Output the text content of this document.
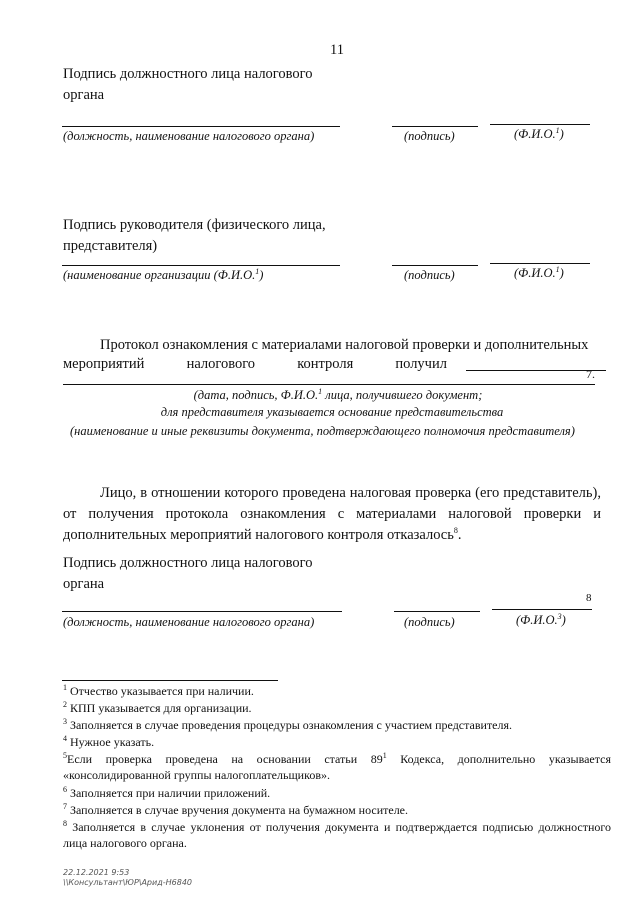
11
Подпись должностного лица налогового
органа
(должность, наименование налогового органа)	(подпись)	(Ф.И.О.$^1$)
Подпись руководителя (физического лица,
представителя)
(наименование организации (Ф.И.О.$^1$)	(подпись)	(Ф.И.О.$^1$)
Протокол ознакомления с материалами налоговой проверки и дополнительных
мероприятий	налогового	контроля	получил
7.
(дата, подпись, Ф.И.О.$^1$ лица, получившего документ;
для представителя указывается основание представительства
(наименование и иные реквизиты документа, подтверждающего полномочия представителя)
Лицо, в отношении которого проведена налоговая проверка (его представитель), от получения протокола ознакомления с материалами налоговой проверки и дополнительных мероприятий налогового контроля отказалось$^8$.
Подпись должностного лица налогового
органа
8
(должность, наименование налогового органа)	(подпись)	(Ф.И.О.$^3$)
$^1$ Отчество указывается при наличии.
$^2$ КПП указывается для организации.
$^3$ Заполняется в случае проведения процедуры ознакомления с участием представителя.
$^4$ Нужное указать.
$^5$Если проверка проведена на основании статьи $89^1$ Кодекса, дополнительно указывается «консолидированной группы налогоплательщиков».
$^6$ Заполняется при наличии приложений.
$^7$ Заполняется в случае вручения документа на бумажном носителе.
$^8$ Заполняется в случае уклонения от получения документа и подтверждается подписью должностного лица налогового органа.
22.12.2021 9:53
\\Консультант\ЮР\Арид-Н6840
